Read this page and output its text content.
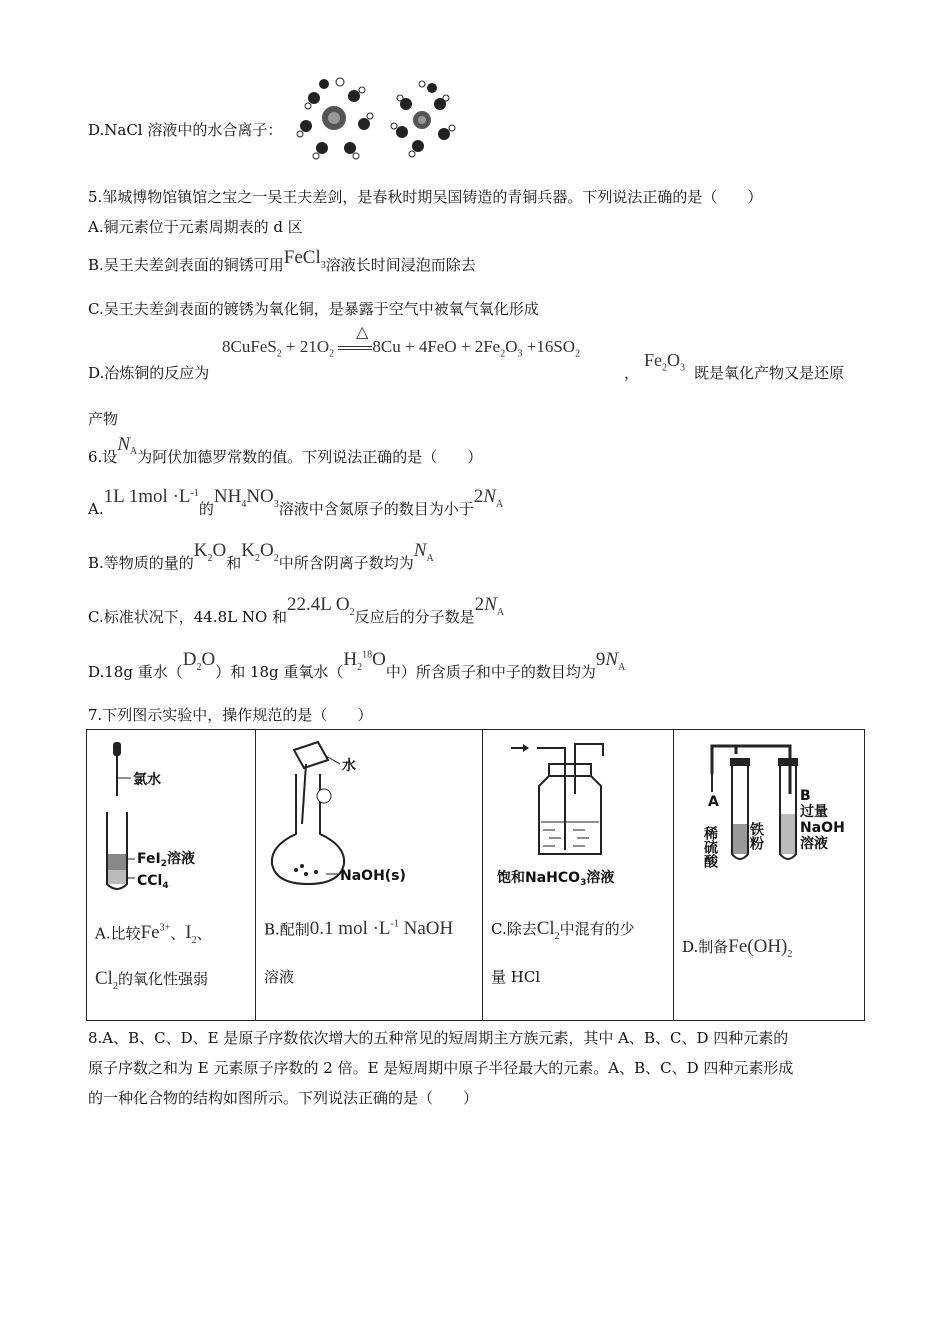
D.NaCl 溶液中的水合离子：
5.邹城博物馆镇馆之宝之一吴王夫差剑，是春秋时期吴国铸造的青铜兵器。下列说法正确的是（　　）
A.铜元素位于元素周期表的 d 区
B.吴王夫差剑表面的铜锈可用FeCl$_3$溶液长时间浸泡而除去
C.吴王夫差剑表面的镀锈为氧化铜，是暴露于空气中被氧气氧化形成
D.冶炼铜的反应为
△
8CuFeS$_2$ + $21O_2$ $8Cu + 4FeO + 2Fe_2O_3 +16SO_2$
，
$Fe_2O_3$ 既是氧化产物又是还原
产物
6.设$N_A$为阿伏加德罗常数的值。下列说法正确的是（　　）
A.1L $1mol \cdot L^{-1}$的$NH_4NO_3$溶液中含氮原子的数目为小于$2N_A$
B.等物质的量的$K_2O$和$K_2O_2$中所含阴离子数均为$N_A$
C.标准状况下，44.8L NO 和22.4L $O_2$反应后的分子数是$2N_A$
D.18g 重水$(D_2O)$和 18g 重氧水（$H_2^{18}O$中）所含质子和中子的数目均为$9N_A$
7.下列图示实验中，操作规范的是（　　）
氯水
FeI$_2$溶液
CCl$_4$
A.比较$Fe^{3+}$、$I_2$、
$Cl_2$的氧化性强弱

水
NaOH(s)
B.配制0.1 mol $\cdot L^{-1}$ NaOH
溶液

饱和NaHCO$_3$溶液
C.除去$Cl_2$中混有的少
量 HCl

A	B
过量
NaOH
溶液
铁粉
稀硫酸
D.制备$Fe(OH)_2$
8.A、B、C、D、E 是原子序数依次增大的五种常见的短周期主方族元素，其中 A、B、C、D 四种元素的
原子序数之和为 E 元素原子序数的 2 倍。E 是短周期中原子半径最大的元素。A、B、C、D 四种元素形成
的一种化合物的结构如图所示。下列说法正确的是（　　）
